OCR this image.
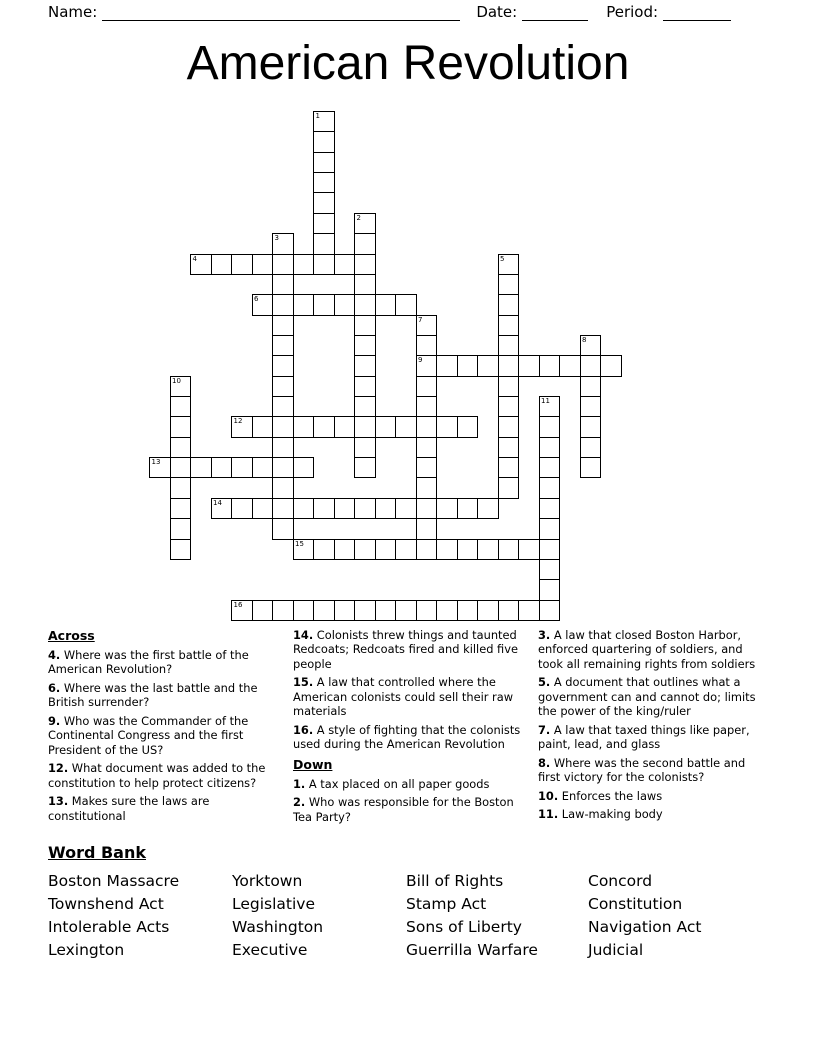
Name:	Date:	Period:
American Revolution
1
2
3
4	5
6
7
9
8
10
11
12
13
14
15
16
Across
4. Where was the first battle of the American Revolution?
6. Where was the last battle and the British surrender?
9. Who was the Commander of the Continental Congress and the first President of the US?
12. What document was added to the constitution to help protect citizens?
13. Makes sure the laws are constitutional
14. Colonists threw things and taunted Redcoats; Redcoats fired and killed five people
15. A law that controlled where the American colonists could sell their raw materials
16. A style of fighting that the colonists used during the American Revolution
Down
1. A tax placed on all paper goods
2. Who was responsible for the Boston Tea Party?
3. A law that closed Boston Harbor, enforced quartering of soldiers, and took all remaining rights from soldiers
5. A document that outlines what a government can and cannot do; limits the power of the king/ruler
7. A law that taxed things like paper, paint, lead, and glass
8. Where was the second battle and first victory for the colonists?
10. Enforces the laws
11. Law-making body
Word Bank
Boston Massacre	Yorktown	Bill of Rights	Concord
Townshend Act	Legislative	Stamp Act	Constitution
Intolerable Acts	Washington	Sons of Liberty	Navigation Act
Lexington	Executive	Guerrilla Warfare	Judicial
